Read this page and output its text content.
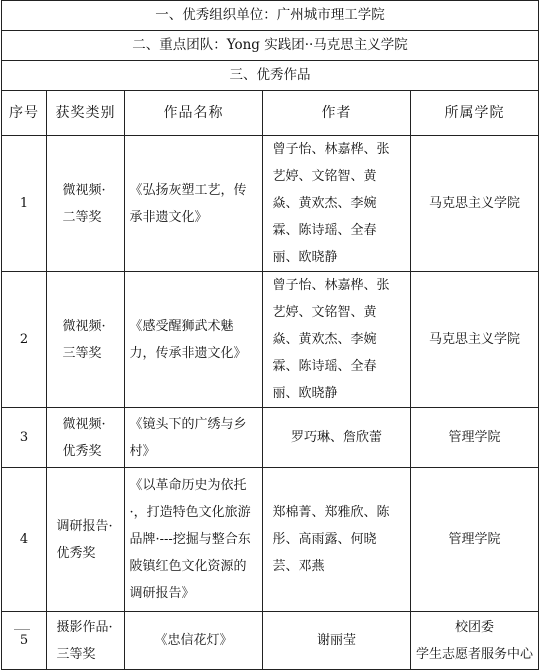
一、优秀组织单位：广州城市理工学院				
二、重点团队：Yong 实践团··马克思主义学院				
三、优秀作品				
序号	获奖类别	作品名称	作者	所属学院
1	微视频·二等奖	《弘扬灰塑工艺，传承非遗文化》	曾子怡、林嘉桦、张艺婷、文铭智、黄焱、黄欢杰、李婉霖、陈诗瑶、全春丽、欧晓静	马克思主义学院
2	微视频·三等奖	《感受醒狮武术魅力，传承非遗文化》	曾子怡、林嘉桦、张艺婷、文铭智、黄焱、黄欢杰、李婉霖、陈诗瑶、全春丽、欧晓静	马克思主义学院
3	微视频·优秀奖	《镜头下的广绣与乡村》	罗巧琳、詹欣蕾	管理学院
4	调研报告·优秀奖	《以革命历史为依托·，打造特色文化旅游品牌·---挖掘与整合东陂镇红色文化资源的调研报告》	郑棉菁、郑雅欣、陈彤、高雨露、何晓芸、邓燕	管理学院
5	摄影作品·三等奖	《忠信花灯》	谢丽莹	校团委
学生志愿者服务中心
